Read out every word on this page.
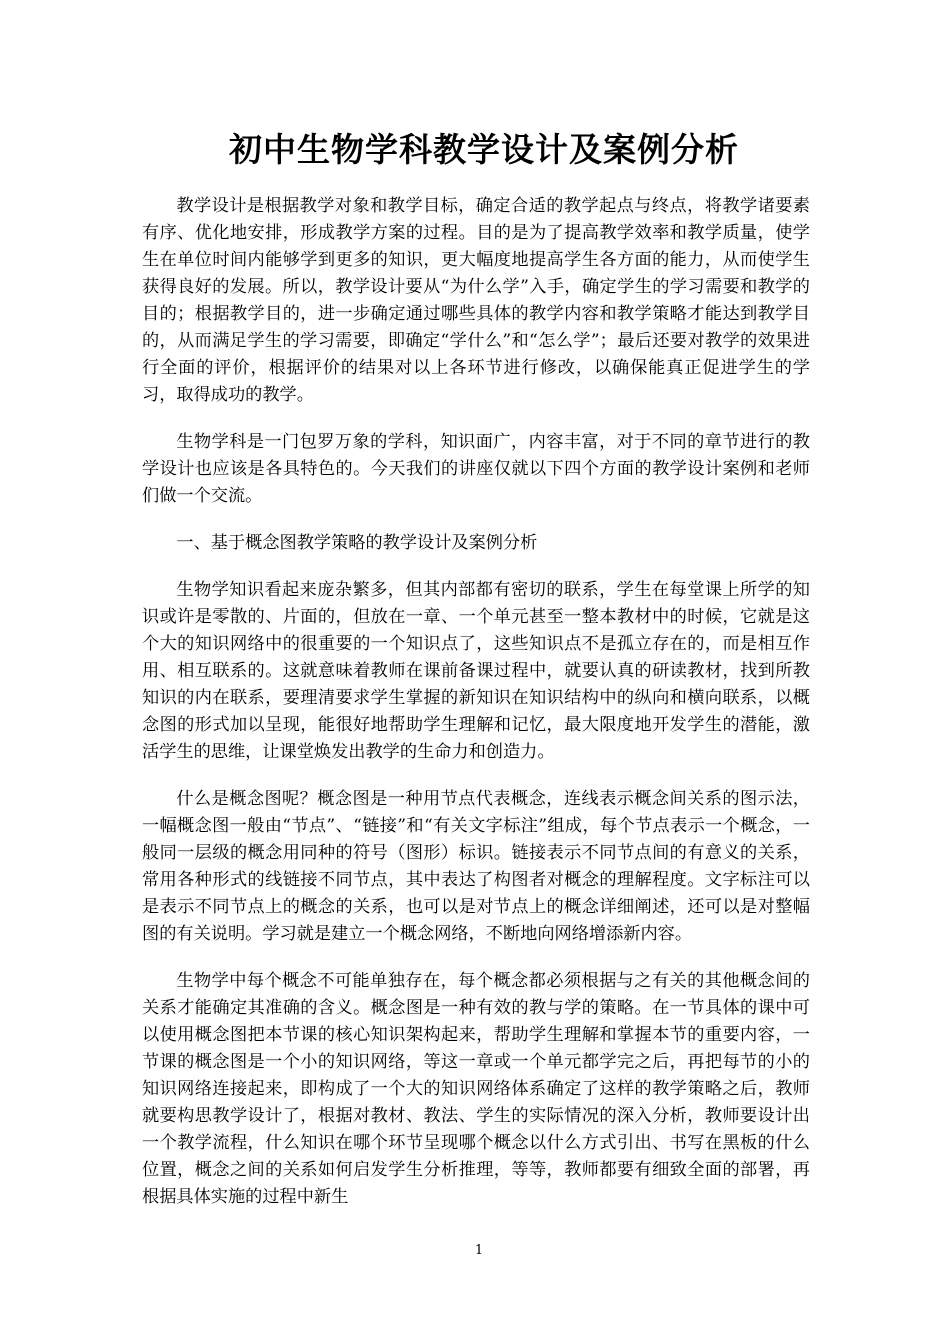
初中生物学科教学设计及案例分析

教学设计是根据教学对象和教学目标，确定合适的教学起点与终点，将教学诸要素有序、优化地安排，形成教学方案的过程。目的是为了提高教学效率和教学质量，使学生在单位时间内能够学到更多的知识，更大幅度地提高学生各方面的能力，从而使学生获得良好的发展。所以，教学设计要从“为什么学”入手，确定学生的学习需要和教学的目的；根据教学目的，进一步确定通过哪些具体的教学内容和教学策略才能达到教学目的，从而满足学生的学习需要，即确定“学什么”和“怎么学”；最后还要对教学的效果进行全面的评价，根据评价的结果对以上各环节进行修改，以确保能真正促进学生的学习，取得成功的教学。

生物学科是一门包罗万象的学科，知识面广，内容丰富，对于不同的章节进行的教学设计也应该是各具特色的。今天我们的讲座仅就以下四个方面的教学设计案例和老师们做一个交流。

一、基于概念图教学策略的教学设计及案例分析

生物学知识看起来庞杂繁多，但其内部都有密切的联系，学生在每堂课上所学的知识或许是零散的、片面的，但放在一章、一个单元甚至一整本教材中的时候，它就是这个大的知识网络中的很重要的一个知识点了，这些知识点不是孤立存在的，而是相互作用、相互联系的。这就意味着教师在课前备课过程中，就要认真的研读教材，找到所教知识的内在联系，要理清要求学生掌握的新知识在知识结构中的纵向和横向联系，以概念图的形式加以呈现，能很好地帮助学生理解和记忆，最大限度地开发学生的潜能，激活学生的思维，让课堂焕发出教学的生命力和创造力。

什么是概念图呢？概念图是一种用节点代表概念，连线表示概念间关系的图示法，一幅概念图一般由“节点”、“链接”和“有关文字标注”组成，每个节点表示一个概念，一般同一层级的概念用同种的符号（图形）标识。链接表示不同节点间的有意义的关系，常用各种形式的线链接不同节点，其中表达了构图者对概念的理解程度。文字标注可以是表示不同节点上的概念的关系，也可以是对节点上的概念详细阐述，还可以是对整幅图的有关说明。学习就是建立一个概念网络，不断地向网络增添新内容。

生物学中每个概念不可能单独存在，每个概念都必须根据与之有关的其他概念间的关系才能确定其准确的含义。概念图是一种有效的教与学的策略。在一节具体的课中可以使用概念图把本节课的核心知识架构起来，帮助学生理解和掌握本节的重要内容，一节课的概念图是一个小的知识网络，等这一章或一个单元都学完之后，再把每节的小的知识网络连接起来，即构成了一个大的知识网络体系确定了这样的教学策略之后，教师就要构思教学设计了，根据对教材、教法、学生的实际情况的深入分析，教师要设计出一个教学流程，什么知识在哪个环节呈现哪个概念以什么方式引出、书写在黑板的什么位置，概念之间的关系如何启发学生分析推理，等等，教师都要有细致全面的部署，再根据具体实施的过程中新生

1
